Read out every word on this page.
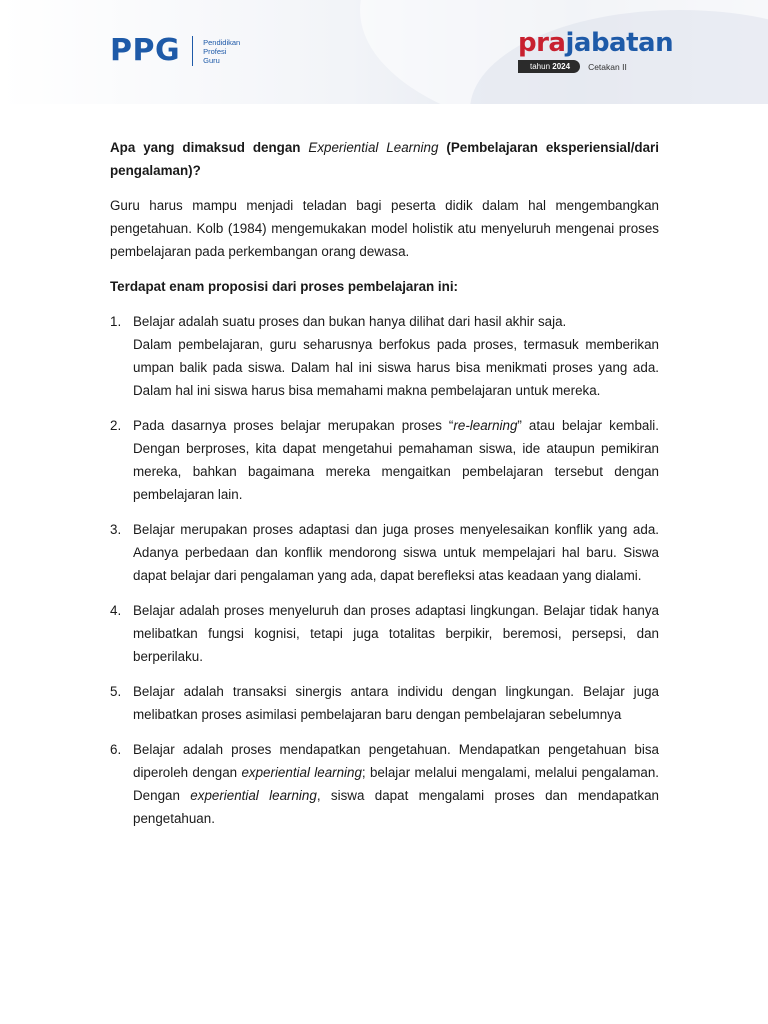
PPG	Pendidikan
Profesi
Guru
prajabatan
tahun 2024	Cetakan II

Apa yang dimaksud dengan Experiential Learning (Pembelajaran eksperiensial/dari pengalaman)?

Guru harus mampu menjadi teladan bagi peserta didik dalam hal mengembangkan pengetahuan. Kolb (1984) mengemukakan model holistik atu menyeluruh mengenai proses pembelajaran pada perkembangan orang dewasa.

Terdapat enam proposisi dari proses pembelajaran ini:

1. Belajar adalah suatu proses dan bukan hanya dilihat dari hasil akhir saja.

Dalam pembelajaran, guru seharusnya berfokus pada proses, termasuk memberikan umpan balik pada siswa. Dalam hal ini siswa harus bisa menikmati proses yang ada. Dalam hal ini siswa harus bisa memahami makna pembelajaran untuk mereka.

2. Pada dasarnya proses belajar merupakan proses “re-learning” atau belajar kembali. Dengan berproses, kita dapat mengetahui pemahaman siswa, ide ataupun pemikiran mereka, bahkan bagaimana mereka mengaitkan pembelajaran tersebut dengan pembelajaran lain.

3. Belajar merupakan proses adaptasi dan juga proses menyelesaikan konflik yang ada. Adanya perbedaan dan konflik mendorong siswa untuk mempelajari hal baru. Siswa dapat belajar dari pengalaman yang ada, dapat berefleksi atas keadaan yang dialami.

4. Belajar adalah proses menyeluruh dan proses adaptasi lingkungan. Belajar tidak hanya melibatkan fungsi kognisi, tetapi juga totalitas berpikir, beremosi, persepsi, dan berperilaku.

5. Belajar adalah transaksi sinergis antara individu dengan lingkungan. Belajar juga melibatkan proses asimilasi pembelajaran baru dengan pembelajaran sebelumnya

6. Belajar adalah proses mendapatkan pengetahuan. Mendapatkan pengetahuan bisa diperoleh dengan experiential learning; belajar melalui mengalami, melalui pengalaman. Dengan experiential learning, siswa dapat mengalami proses dan mendapatkan pengetahuan.
